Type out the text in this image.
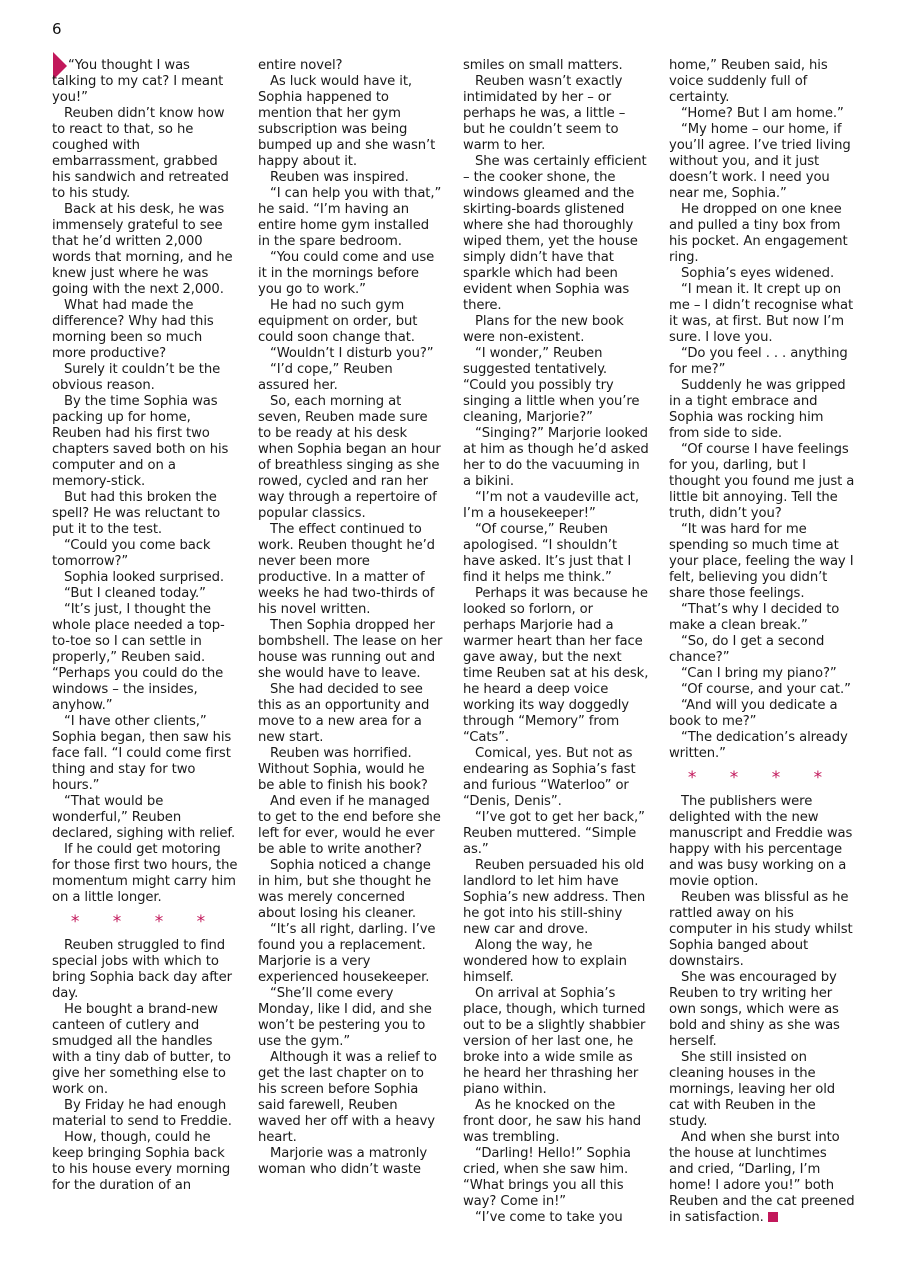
6

“You thought I was talking to my cat? I meant you!”

Reuben didn’t know how to react to that, so he coughed with embarrassment, grabbed his sandwich and retreated to his study.

Back at his desk, he was immensely grateful to see that he’d written 2,000 words that morning, and he knew just where he was going with the next 2,000.

What had made the difference? Why had this morning been so much more productive?

Surely it couldn’t be the obvious reason.

By the time Sophia was packing up for home, Reuben had his first two chapters saved both on his computer and on a memory-stick.

But had this broken the spell? He was reluctant to put it to the test.

“Could you come back tomorrow?”

Sophia looked surprised.

“But I cleaned today.”

“It’s just, I thought the whole place needed a top-to-toe so I can settle in properly,” Reuben said. “Perhaps you could do the windows – the insides, anyhow.”

“I have other clients,” Sophia began, then saw his face fall. “I could come first thing and stay for two hours.”

“That would be wonderful,” Reuben declared, sighing with relief.

If he could get motoring for those first two hours, the momentum might carry him on a little longer.

* * * *

Reuben struggled to find special jobs with which to bring Sophia back day after day.

He bought a brand-new canteen of cutlery and smudged all the handles with a tiny dab of butter, to give her something else to work on.

By Friday he had enough material to send to Freddie.

How, though, could he keep bringing Sophia back to his house every morning for the duration of an

entire novel?

As luck would have it, Sophia happened to mention that her gym subscription was being bumped up and she wasn’t happy about it.

Reuben was inspired.

“I can help you with that,” he said. “I’m having an entire home gym installed in the spare bedroom.

“You could come and use it in the mornings before you go to work.”

He had no such gym equipment on order, but could soon change that.

“Wouldn’t I disturb you?”

“I’d cope,” Reuben assured her.

So, each morning at seven, Reuben made sure to be ready at his desk when Sophia began an hour of breathless singing as she rowed, cycled and ran her way through a repertoire of popular classics.

The effect continued to work. Reuben thought he’d never been more productive. In a matter of weeks he had two-thirds of his novel written.

Then Sophia dropped her bombshell. The lease on her house was running out and she would have to leave.

She had decided to see this as an opportunity and move to a new area for a new start.

Reuben was horrified. Without Sophia, would he be able to finish his book?

And even if he managed to get to the end before she left for ever, would he ever be able to write another?

Sophia noticed a change in him, but she thought he was merely concerned about losing his cleaner.

“It’s all right, darling. I’ve found you a replacement. Marjorie is a very experienced housekeeper.

“She’ll come every Monday, like I did, and she won’t be pestering you to use the gym.”

Although it was a relief to get the last chapter on to his screen before Sophia said farewell, Reuben waved her off with a heavy heart.

Marjorie was a matronly woman who didn’t waste

smiles on small matters.

Reuben wasn’t exactly intimidated by her – or perhaps he was, a little – but he couldn’t seem to warm to her.

She was certainly efficient – the cooker shone, the windows gleamed and the skirting-boards glistened where she had thoroughly wiped them, yet the house simply didn’t have that sparkle which had been evident when Sophia was there.

Plans for the new book were non-existent.

“I wonder,” Reuben suggested tentatively. “Could you possibly try singing a little when you’re cleaning, Marjorie?”

“Singing?” Marjorie looked at him as though he’d asked her to do the vacuuming in a bikini.

“I’m not a vaudeville act, I’m a housekeeper!”

“Of course,” Reuben apologised. “I shouldn’t have asked. It’s just that I find it helps me think.”

Perhaps it was because he looked so forlorn, or perhaps Marjorie had a warmer heart than her face gave away, but the next time Reuben sat at his desk, he heard a deep voice working its way doggedly through “Memory” from “Cats”.

Comical, yes. But not as endearing as Sophia’s fast and furious “Waterloo” or “Denis, Denis”.

“I’ve got to get her back,” Reuben muttered. “Simple as.”

Reuben persuaded his old landlord to let him have Sophia’s new address. Then he got into his still-shiny new car and drove.

Along the way, he wondered how to explain himself.

On arrival at Sophia’s place, though, which turned out to be a slightly shabbier version of her last one, he broke into a wide smile as he heard her thrashing her piano within.

As he knocked on the front door, he saw his hand was trembling.

“Darling! Hello!” Sophia cried, when she saw him. “What brings you all this way? Come in!”

“I’ve come to take you

home,” Reuben said, his voice suddenly full of certainty.

“Home? But I am home.”

“My home – our home, if you’ll agree. I’ve tried living without you, and it just doesn’t work. I need you near me, Sophia.”

He dropped on one knee and pulled a tiny box from his pocket. An engagement ring.

Sophia’s eyes widened.

“I mean it. It crept up on me – I didn’t recognise what it was, at first. But now I’m sure. I love you.

“Do you feel . . . anything for me?”

Suddenly he was gripped in a tight embrace and Sophia was rocking him from side to side.

“Of course I have feelings for you, darling, but I thought you found me just a little bit annoying. Tell the truth, didn’t you?

“It was hard for me spending so much time at your place, feeling the way I felt, believing you didn’t share those feelings.

“That’s why I decided to make a clean break.”

“So, do I get a second chance?”

“Can I bring my piano?”

“Of course, and your cat.”

“And will you dedicate a book to me?”

“The dedication’s already written.”

* * * *

The publishers were delighted with the new manuscript and Freddie was happy with his percentage and was busy working on a movie option.

Reuben was blissful as he rattled away on his computer in his study whilst Sophia banged about downstairs.

She was encouraged by Reuben to try writing her own songs, which were as bold and shiny as she was herself.

She still insisted on cleaning houses in the mornings, leaving her old cat with Reuben in the study.

And when she burst into the house at lunchtimes and cried, “Darling, I’m home! I adore you!” both Reuben and the cat preened in satisfaction.
